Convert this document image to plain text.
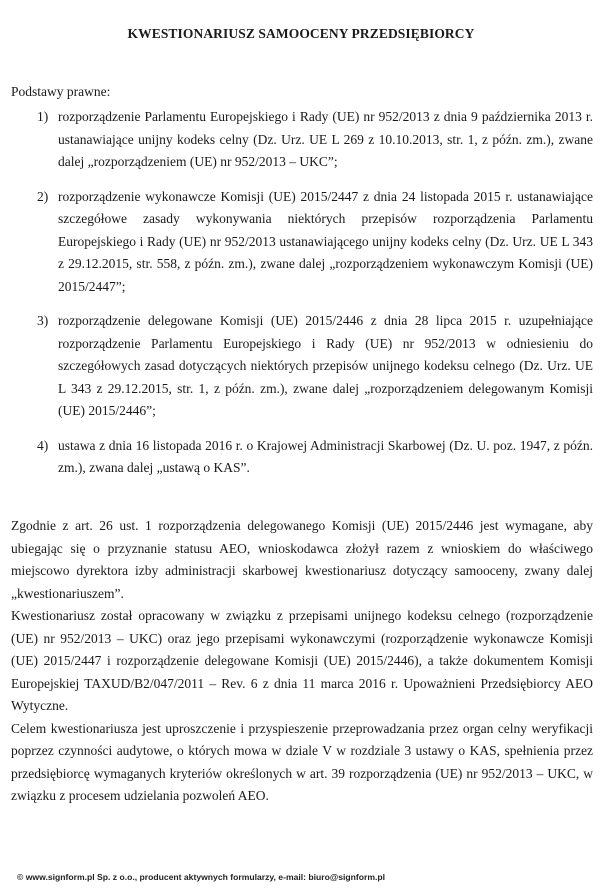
KWESTIONARIUSZ SAMOOCENY PRZEDSIĘBIORCY
Podstawy prawne:
1) rozporządzenie Parlamentu Europejskiego i Rady (UE) nr 952/2013 z dnia 9 października 2013 r. ustanawiające unijny kodeks celny (Dz. Urz. UE L 269 z 10.10.2013, str. 1, z późn. zm.), zwane dalej „rozporządzeniem (UE) nr 952/2013 – UKC”;
2) rozporządzenie wykonawcze Komisji (UE) 2015/2447 z dnia 24 listopada 2015 r. ustanawiające szczegółowe zasady wykonywania niektórych przepisów rozporządzenia Parlamentu Europejskiego i Rady (UE) nr 952/2013 ustanawiającego unijny kodeks celny (Dz. Urz. UE L 343 z 29.12.2015, str. 558, z późn. zm.), zwane dalej „rozporządzeniem wykonawczym Komisji (UE) 2015/2447”;
3) rozporządzenie delegowane Komisji (UE) 2015/2446 z dnia 28 lipca 2015 r. uzupełniające rozporządzenie Parlamentu Europejskiego i Rady (UE) nr 952/2013 w odniesieniu do szczegółowych zasad dotyczących niektórych przepisów unijnego kodeksu celnego (Dz. Urz. UE L 343 z 29.12.2015, str. 1, z późn. zm.), zwane dalej „rozporządzeniem delegowanym Komisji (UE) 2015/2446”;
4) ustawa z dnia 16 listopada 2016 r. o Krajowej Administracji Skarbowej (Dz. U. poz. 1947, z późn. zm.), zwana dalej „ustawą o KAS”.

Zgodnie z art. 26 ust. 1 rozporządzenia delegowanego Komisji (UE) 2015/2446 jest wymagane, aby ubiegając się o przyznanie statusu AEO, wnioskodawca złożył razem z wnioskiem do właściwego miejscowo dyrektora izby administracji skarbowej kwestionariusz dotyczący samooceny, zwany dalej „kwestionariuszem”.

Kwestionariusz został opracowany w związku z przepisami unijnego kodeksu celnego (rozporządzenie (UE) nr 952/2013 – UKC) oraz jego przepisami wykonawczymi (rozporządzenie wykonawcze Komisji (UE) 2015/2447 i rozporządzenie delegowane Komisji (UE) 2015/2446), a także dokumentem Komisji Europejskiej TAXUD/B2/047/2011 – Rev. 6 z dnia 11 marca 2016 r. Upoważnieni Przedsiębiorcy AEO Wytyczne.

Celem kwestionariusza jest uproszczenie i przyspieszenie przeprowadzania przez organ celny weryfikacji poprzez czynności audytowe, o których mowa w dziale V w rozdziale 3 ustawy o KAS, spełnienia przez przedsiębiorcę wymaganych kryteriów określonych w art. 39 rozporządzenia (UE) nr 952/2013 – UKC, w związku z procesem udzielania pozwoleń AEO.

© www.signform.pl Sp. z o.o., producent aktywnych formularzy, e-mail: biuro@signform.pl
